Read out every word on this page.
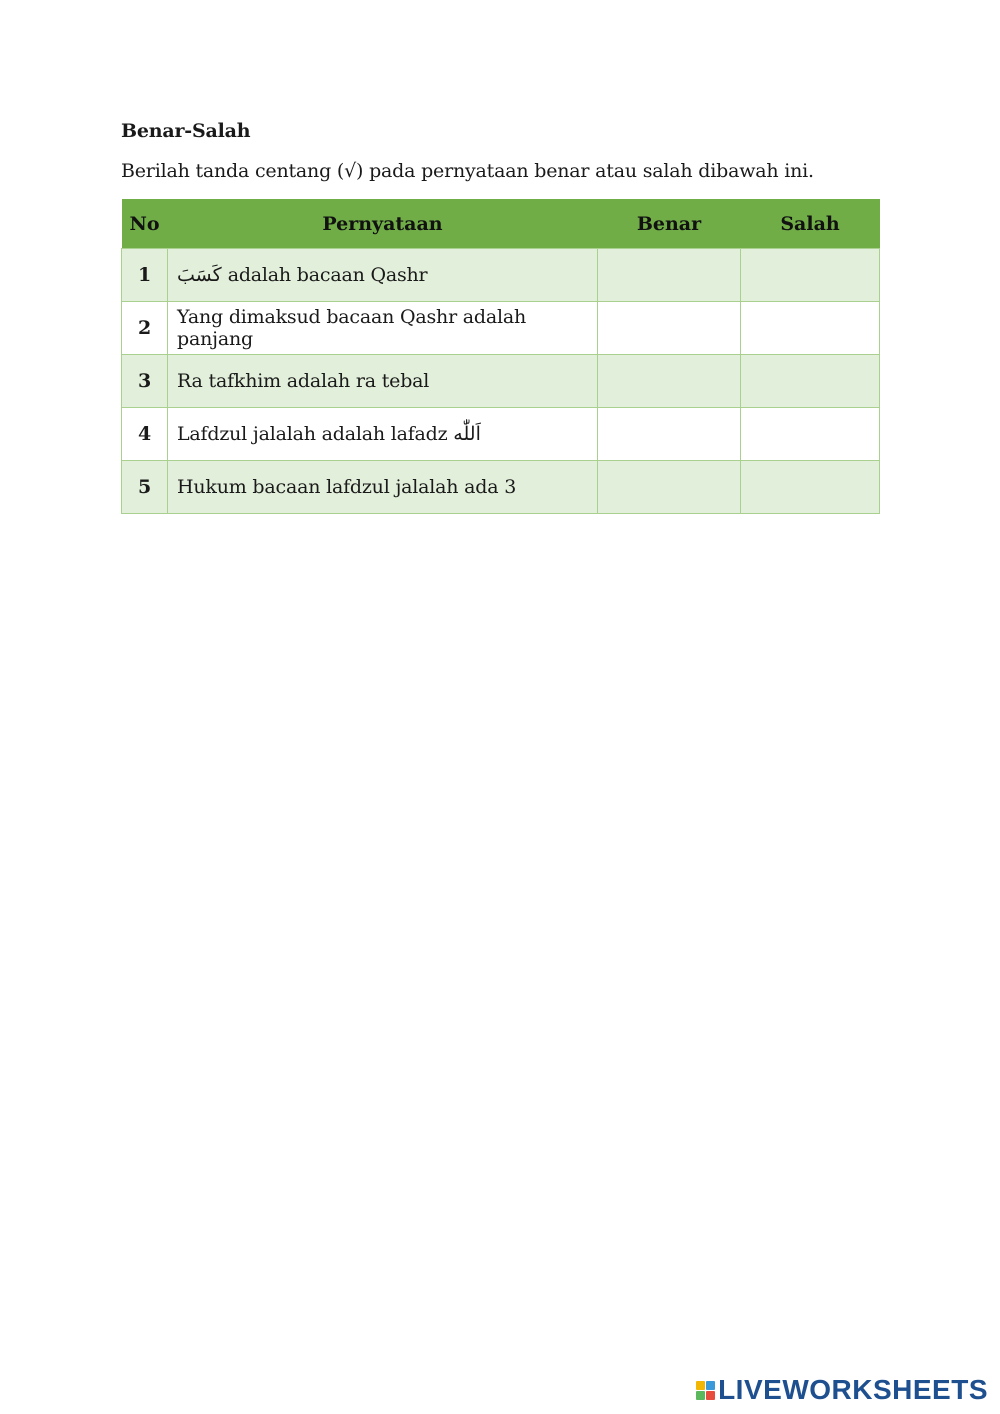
Benar-Salah
Berilah tanda centang (√) pada pernyataan benar atau salah dibawah ini.
No	Pernyataan	Benar	Salah
1	كَسَبَ adalah bacaan Qashr		
2	Yang dimaksud bacaan Qashr adalah panjang		
3	Ra tafkhim adalah ra tebal		
4	Lafdzul jalalah adalah lafadz اَللّٰه		
5	Hukum bacaan lafdzul jalalah ada 3		
LIVEWORKSHEETS
